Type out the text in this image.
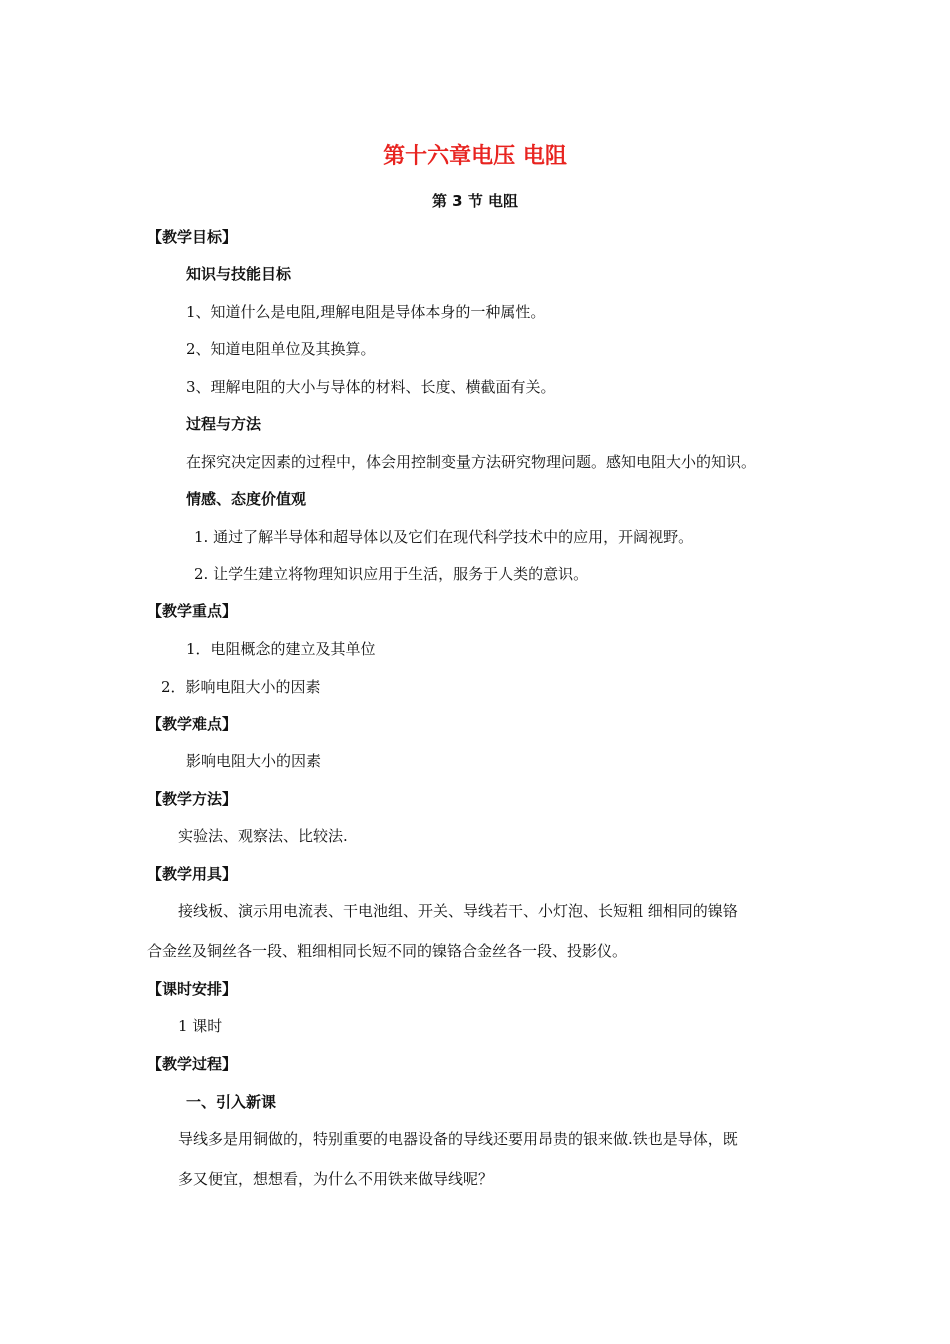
第十六章电压 电阻
第 3 节 电阻
【教学目标】
知识与技能目标
1、知道什么是电阻,理解电阻是导体本身的一种属性。
2、知道电阻单位及其换算。
3、理解电阻的大小与导体的材料、长度、横截面有关。
过程与方法
在探究决定因素的过程中，体会用控制变量方法研究物理问题。感知电阻大小的知识。
情感、态度价值观
1. 通过了解半导体和超导体以及它们在现代科学技术中的应用，开阔视野。
2. 让学生建立将物理知识应用于生活，服务于人类的意识。
【教学重点】
1．电阻概念的建立及其单位
2．影响电阻大小的因素
【教学难点】
影响电阻大小的因素
【教学方法】
实验法、观察法、比较法.
【教学用具】
接线板、演示用电流表、干电池组、开关、导线若干、小灯泡、长短粗 细相同的镍铬
合金丝及铜丝各一段、粗细相同长短不同的镍铬合金丝各一段、投影仪。
【课时安排】
1 课时
【教学过程】
一、引入新课
导线多是用铜做的，特别重要的电器设备的导线还要用昂贵的银来做.铁也是导体，既
多又便宜，想想看，为什么不用铁来做导线呢？
